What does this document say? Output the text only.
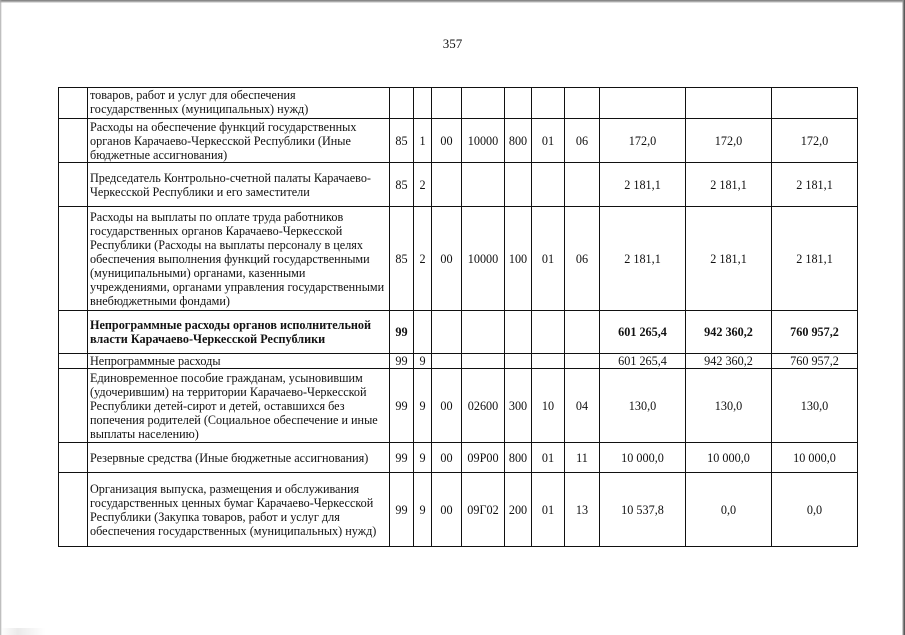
357
	товаров, работ и услуг для обеспечения государственных (муниципальных) нужд)										
	Расходы на обеспечение функций государственных органов Карачаево-Черкесской Республики (Иные бюджетные ассигнования)	85	1	00	10000	800	01	06	172,0	172,0	172,0
	Председатель Контрольно-счетной палаты Карачаево-Черкесской Республики и его заместители	85	2						2 181,1	2 181,1	2 181,1
	Расходы на выплаты по оплате труда работников государственных органов Карачаево-Черкесской Республики (Расходы на выплаты персоналу в целях обеспечения выполнения функций государственными (муниципальными) органами, казенными учреждениями, органами управления государственными внебюджетными фондами)	85	2	00	10000	100	01	06	2 181,1	2 181,1	2 181,1
	Непрограммные расходы органов исполнительной власти Карачаево-Черкесской Республики	99							601 265,4	942 360,2	760 957,2
	Непрограммные расходы	99	9						601 265,4	942 360,2	760 957,2
	Единовременное пособие гражданам, усыновившим (удочерившим) на территории Карачаево-Черкесской Республики детей-сирот и детей, оставшихся без попечения родителей (Социальное обеспечение и иные выплаты населению)	99	9	00	02600	300	10	04	130,0	130,0	130,0
	Резервные средства (Иные бюджетные ассигнования)	99	9	00	09Р00	800	01	11	10 000,0	10 000,0	10 000,0
	Организация выпуска, размещения и обслуживания государственных ценных бумаг Карачаево-Черкесской Республики (Закупка товаров, работ и услуг для обеспечения государственных (муниципальных) нужд)	99	9	00	09Г02	200	01	13	10 537,8	0,0	0,0
